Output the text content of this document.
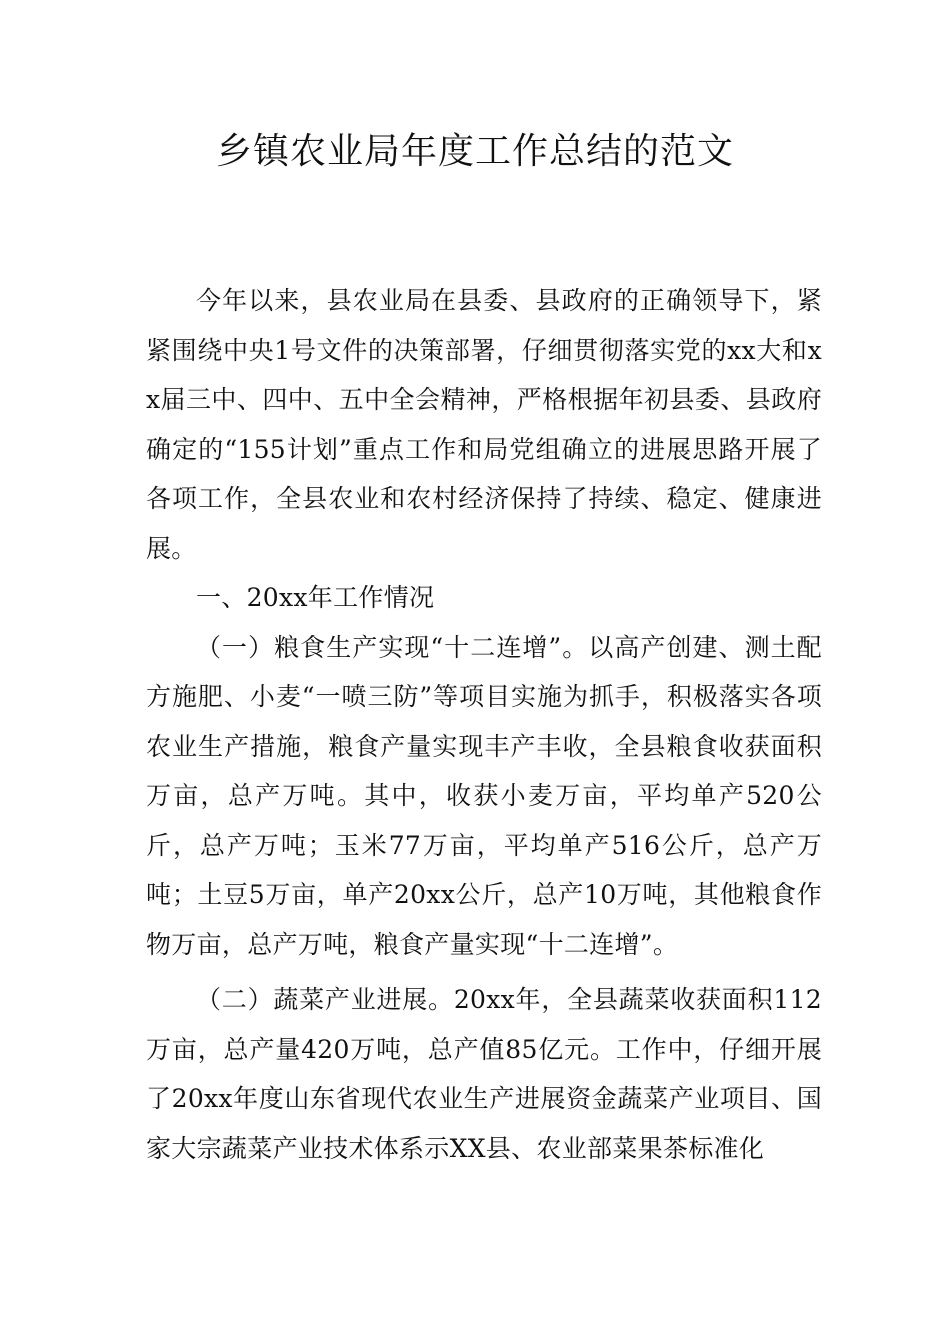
乡镇农业局年度工作总结的范文

今年以来，县农业局在县委、县政府的正确领导下，紧紧围绕中央1号文件的决策部署，仔细贯彻落实党的xx大和xx届三中、四中、五中全会精神，严格根据年初县委、县政府确定的“155计划”重点工作和局党组确立的进展思路开展了各项工作，全县农业和农村经济保持了持续、稳定、健康进展。

一、20xx年工作情况

（一）粮食生产实现“十二连增”。以高产创建、测土配方施肥、小麦“一喷三防”等项目实施为抓手，积极落实各项农业生产措施，粮食产量实现丰产丰收，全县粮食收获面积万亩，总产万吨。其中，收获小麦万亩，平均单产520公斤，总产万吨；玉米77万亩，平均单产516公斤，总产万吨；土豆5万亩，单产20xx公斤，总产10万吨，其他粮食作物万亩，总产万吨，粮食产量实现“十二连增”。

（二）蔬菜产业进展。20xx年，全县蔬菜收获面积112万亩，总产量420万吨，总产值85亿元。工作中，仔细开展了20xx年度山东省现代农业生产进展资金蔬菜产业项目、国家大宗蔬菜产业技术体系示XX县、农业部菜果茶标准化
